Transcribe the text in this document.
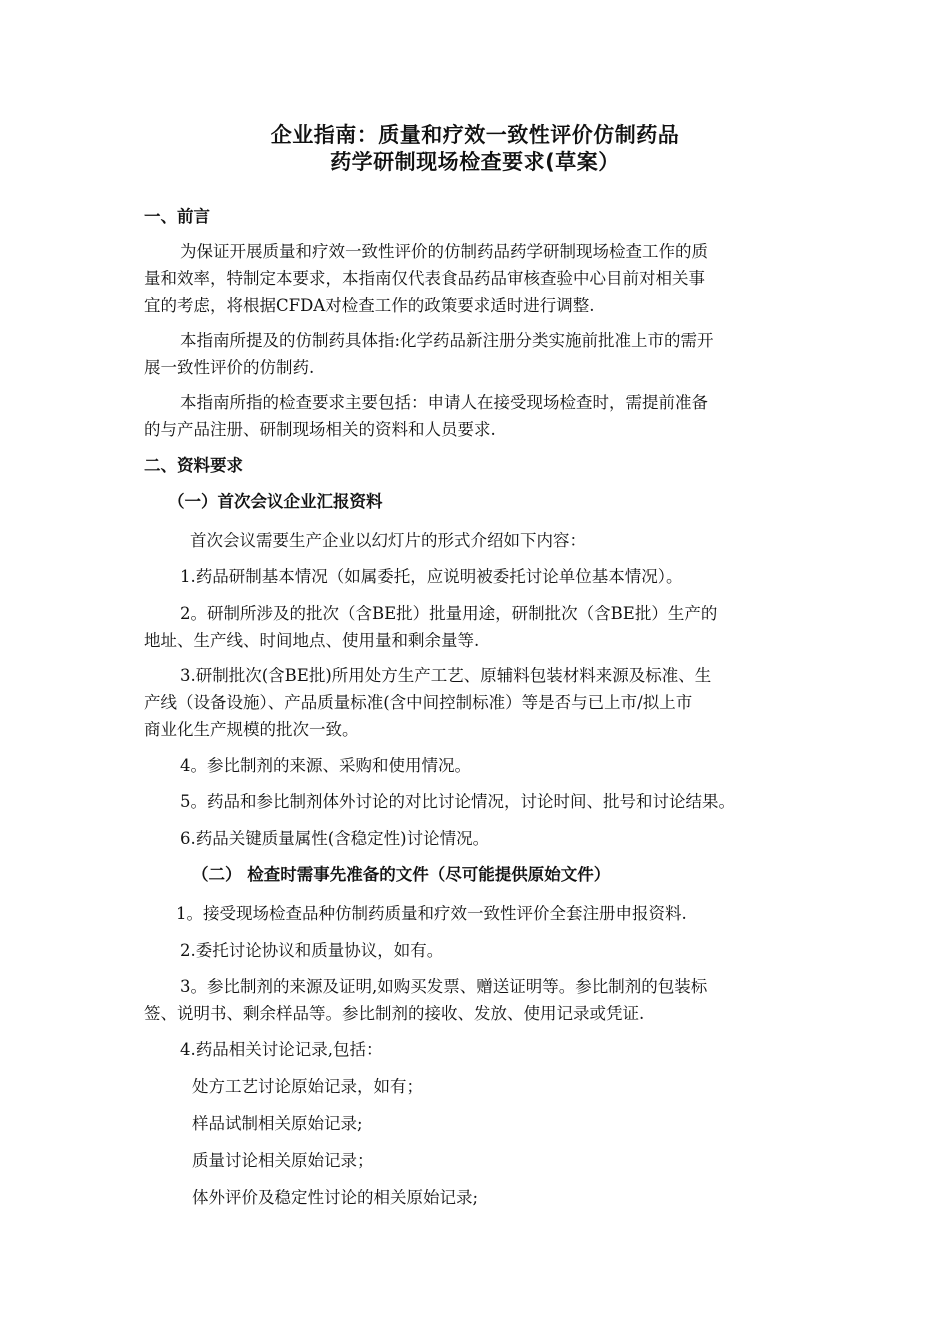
企业指南：质量和疗效一致性评价仿制药品
药学研制现场检查要求(草案）
一、前言
为保证开展质量和疗效一致性评价的仿制药品药学研制现场检查工作的质
量和效率，特制定本要求，本指南仅代表食品药品审核查验中心目前对相关事
宜的考虑，将根据CFDA对检查工作的政策要求适时进行调整.
本指南所提及的仿制药具体指:化学药品新注册分类实施前批准上市的需开
展一致性评价的仿制药.
本指南所指的检查要求主要包括：申请人在接受现场检查时，需提前准备
的与产品注册、研制现场相关的资料和人员要求.
二、资料要求
（一）首次会议企业汇报资料
首次会议需要生产企业以幻灯片的形式介绍如下内容：
1.药品研制基本情况（如属委托，应说明被委托讨论单位基本情况）。
2。研制所涉及的批次（含BE批）批量用途，研制批次（含BE批）生产的
地址、生产线、时间地点、使用量和剩余量等.
3.研制批次(含BE批)所用处方生产工艺、原辅料包装材料来源及标准、生
产线（设备设施）、产品质量标准(含中间控制标准）等是否与已上市/拟上市
商业化生产规模的批次一致。
4。参比制剂的来源、采购和使用情况。
5。药品和参比制剂体外讨论的对比讨论情况，讨论时间、批号和讨论结果。
6.药品关键质量属性(含稳定性)讨论情况。
（二） 检查时需事先准备的文件（尽可能提供原始文件）
1。接受现场检查品种仿制药质量和疗效一致性评价全套注册申报资料.
2.委托讨论协议和质量协议，如有。
3。参比制剂的来源及证明,如购买发票、赠送证明等。参比制剂的包装标
签、说明书、剩余样品等。参比制剂的接收、发放、使用记录或凭证.
4.药品相关讨论记录,包括：
处方工艺讨论原始记录，如有；
样品试制相关原始记录;
质量讨论相关原始记录；
体外评价及稳定性讨论的相关原始记录;
